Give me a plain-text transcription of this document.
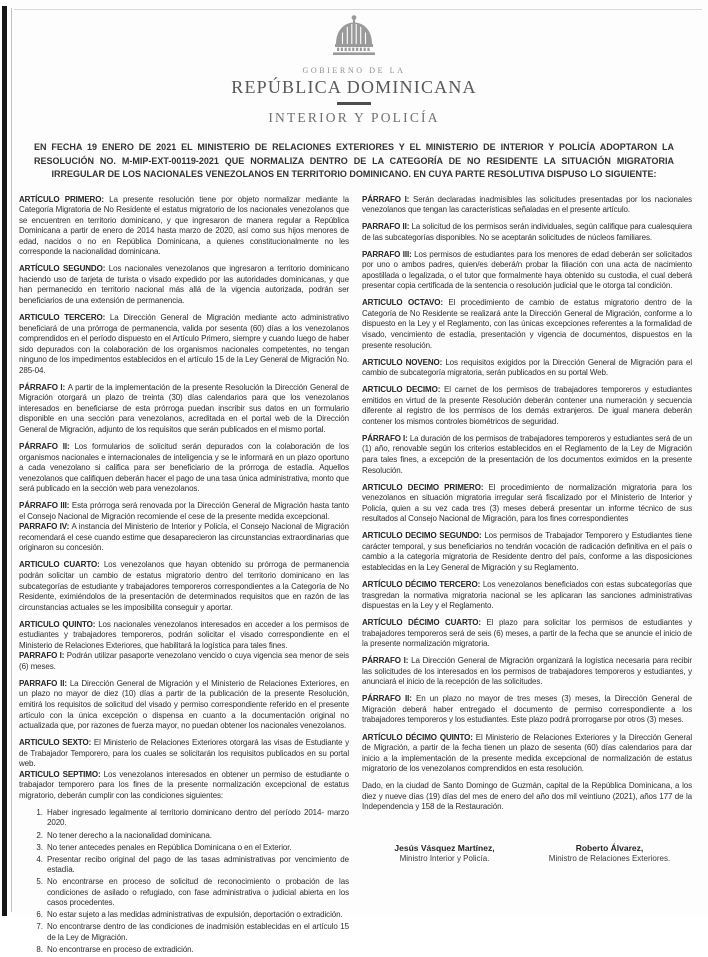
GOBIERNO DE LA
REPÚBLICA DOMINICANA
INTERIOR Y POLICÍA

EN FECHA 19 ENERO DE 2021 EL MINISTERIO DE RELACIONES EXTERIORES Y EL MINISTERIO DE INTERIOR Y POLICÍA ADOPTARON LA RESOLUCIÓN NO. M-MIP-EXT-00119-2021 QUE NORMALIZA DENTRO DE LA CATEGORÍA DE NO RESIDENTE LA SITUACIÓN MIGRATORIA IRREGULAR DE LOS NACIONALES VENEZOLANOS EN TERRITORIO DOMINICANO. EN CUYA PARTE RESOLUTIVA DISPUSO LO SIGUIENTE:

ARTÍCULO PRIMERO: La presente resolución tiene por objeto normalizar mediante la Categoría Migratoria de No Residente el estatus migratorio de los nacionales venezolanos que se encuentren en territorio dominicano, y que ingresaron de manera regular a República Dominicana a partir de enero de 2014 hasta marzo de 2020, así como sus hijos menores de edad, nacidos o no en República Dominicana, a quienes constitucionalmente no les corresponde la nacionalidad dominicana.

ARTÍCULO SEGUNDO: Los nacionales venezolanos que ingresaron a territorio dominicano haciendo uso de tarjeta de turista o visado expedido por las autoridades dominicanas, y que han permanecido en territorio nacional más allá de la vigencia autorizada, podrán ser beneficiarios de una extensión de permanencia.

ARTICULO TERCERO: La Dirección General de Migración mediante acto administrativo beneficiará de una prórroga de permanencia, valida por sesenta (60) días a los venezolanos comprendidos en el período dispuesto en el Artículo Primero, siempre y cuando luego de haber sido depurados con la colaboración de los organismos nacionales competentes, no tengan ninguno de los impedimentos establecidos en el artículo 15 de la Ley General de Migración No. 285-04.

PÁRRAFO I: A partir de la implementación de la presente Resolución la Dirección General de Migración otorgará un plazo de treinta (30) días calendarios para que los venezolanos interesados en beneficiarse de esta prórroga puedan inscribir sus datos en un formulario disponible en una sección para venezolanos, acreditada en el portal web de la Dirección General de Migración, adjunto de los requisitos que serán publicados en el mismo portal.

PÁRRAFO II: Los formularios de solicitud serán depurados con la colaboración de los organismos nacionales e internacionales de inteligencia y se le informará en un plazo oportuno a cada venezolano si califica para ser beneficiario de la prórroga de estadía. Aquellos venezolanos que califiquen deberán hacer el pago de una tasa única administrativa, monto que será publicado en la sección web para venezolanos.

PÁRRAFO III: Esta prórroga será renovada por la Dirección General de Migración hasta tanto el Consejo Nacional de Migración recomiende el cese de la presente medida excepcional.
PARRAFO IV: A instancia del Ministerio de Interior y Policía, el Consejo Nacional de Migración recomendará el cese cuando estime que desaparecieron las circunstancias extraordinarias que originaron su concesión.

ARTICULO CUARTO: Los venezolanos que hayan obtenido su prórroga de permanencia podrán solicitar un cambio de estatus migratorio dentro del territorio dominicano en las subcategorías de estudiante y trabajadores temporeros correspondientes a la Categoría de No Residente, eximiéndolos de la presentación de determinados requisitos que en razón de las circunstancias actuales se les imposibilita conseguir y aportar.

ARTICULO QUINTO: Los nacionales venezolanos interesados en acceder a los permisos de estudiantes y trabajadores temporeros, podrán solicitar el visado correspondiente en el Ministerio de Relaciones Exteriores, que habilitará la logística para tales fines.
PARRAFO I: Podrán utilizar pasaporte venezolano vencido o cuya vigencia sea menor de seis (6) meses.

PARRAFO II: La Dirección General de Migración y el Ministerio de Relaciones Exteriores, en un plazo no mayor de diez (10) días a partir de la publicación de la presente Resolución, emitirá los requisitos de solicitud del visado y permiso correspondiente referido en el presente artículo con la única excepción o dispensa en cuanto a la documentación original no actualizada que, por razones de fuerza mayor, no puedan obtener los nacionales venezolanos.

ARTICULO SEXTO: El Ministerio de Relaciones Exteriores otorgará las visas de Estudiante y de Trabajador Temporero, para los cuales se solicitarán los requisitos publicados en su portal web.
ARTICULO SEPTIMO: Los venezolanos interesados en obtener un permiso de estudiante o trabajador temporero para los fines de la presente normalización excepcional de estatus migratorio, deberán cumplir con las condiciones siguientes:

1. Haber ingresado legalmente al territorio dominicano dentro del período 2014- marzo 2020.
2. No tener derecho a la nacionalidad dominicana.
3. No tener antecedes penales en República Dominicana o en el Exterior.
4. Presentar recibo original del pago de las tasas administrativas por vencimiento de estadía.
5. No encontrarse en proceso de solicitud de reconocimiento o probación de las condiciones de asilado o refugiado, con fase administrativa o judicial abierta en los casos procedentes.
6. No estar sujeto a las medidas administrativas de expulsión, deportación o extradición.
7. No encontrarse dentro de las condiciones de inadmisión establecidas en el artículo 15 de la Ley de Migración.
8. No encontrarse en proceso de extradición.

PÁRRAFO I: Serán declaradas inadmisibles las solicitudes presentadas por los nacionales venezolanos que tengan las características señaladas en el presente artículo.

PARRAFO II: La solicitud de los permisos serán individuales, según califique para cualesquiera de las subcategorías disponibles. No se aceptarán solicitudes de núcleos familiares.

PARRAFO III: Los permisos de estudiantes para los menores de edad deberán ser solicitados por uno o ambos padres, quien/es deberá/n probar la filiación con una acta de nacimiento apostillada o legalizada, o el tutor que formalmente haya obtenido su custodia, el cual deberá presentar copia certificada de la sentencia o resolución judicial que le otorga tal condición.

ARTICULO OCTAVO: El procedimiento de cambio de estatus migratorio dentro de la Categoría de No Residente se realizará ante la Dirección General de Migración, conforme a lo dispuesto en la Ley y el Reglamento, con las únicas excepciones referentes a la formalidad de visado, vencimiento de estadía, presentación y vigencia de documentos, dispuestos en la presente resolución.

ARTICULO NOVENO: Los requisitos exigidos por la Dirección General de Migración para el cambio de subcategoría migratoria, serán publicados en su portal Web.

ARTICULO DECIMO: El carnet de los permisos de trabajadores temporeros y estudiantes emitidos en virtud de la presente Resolución deberán contener una numeración y secuencia diferente al registro de los permisos de los demás extranjeros. De igual manera deberán contener los mismos controles biométricos de seguridad.

PÁRRAFO I: La duración de los permisos de trabajadores temporeros y estudiantes será de un (1) año, renovable según los criterios establecidos en el Reglamento de la Ley de Migración para tales fines, a excepción de la presentación de los documentos eximidos en la presente Resolución.

ARTICULO DECIMO PRIMERO: El procedimiento de normalización migratoria para los venezolanos en situación migratoria irregular será fiscalizado por el Ministerio de Interior y Policía, quien a su vez cada tres (3) meses deberá presentar un informe técnico de sus resultados al Consejo Nacional de Migración, para los fines correspondientes

ARTICULO DECIMO SEGUNDO: Los permisos de Trabajador Temporero y Estudiantes tiene carácter temporal, y sus beneficiarios no tendrán vocación de radicación definitiva en el país o cambio a la categoría migratoria de Residente dentro del país, conforme a las disposiciones establecidas en la Ley General de Migración y su Reglamento.

ARTÍCULO DÉCIMO TERCERO: Los venezolanos beneficiados con estas subcategorías que trasgredan la normativa migratoria nacional se les aplicaran las sanciones administrativas dispuestas en la Ley y el Reglamento.

ARTÍCULO DÉCIMO CUARTO: El plazo para solicitar los permisos de estudiantes y trabajadores temporeros será de seis (6) meses, a partir de la fecha que se anuncie el inicio de la presente normalización migratoria.

PÁRRAFO I: La Dirección General de Migración organizará la logística necesaria para recibir las solicitudes de los interesados en los permisos de trabajadores temporeros y estudiantes, y anunciará el inicio de la recepción de las solicitudes.

PÁRRAFO II: En un plazo no mayor de tres meses (3) meses, la Dirección General de Migración deberá haber entregado el documento de permiso correspondiente a los trabajadores temporeros y los estudiantes. Este plazo podrá prorrogarse por otros (3) meses.

ARTÍCULO DÉCIMO QUINTO: El Ministerio de Relaciones Exteriores y la Dirección General de Migración, a partir de la fecha tienen un plazo de sesenta (60) días calendarios para dar inicio a la implementación de la presente medida excepcional de normalización de estatus migratorio de los venezolanos comprendidos en esta resolución.

Dado, en la ciudad de Santo Domingo de Guzmán, capital de la República Dominicana, a los diez y nueve días (19) días del mes de enero del año dos mil veintiuno (2021), años 177 de la Independencia y 158 de la Restauración.

Jesús Vásquez Martínez,
Ministro Interior y Policía.
Roberto Álvarez,
Ministro de Relaciones Exteriores.
